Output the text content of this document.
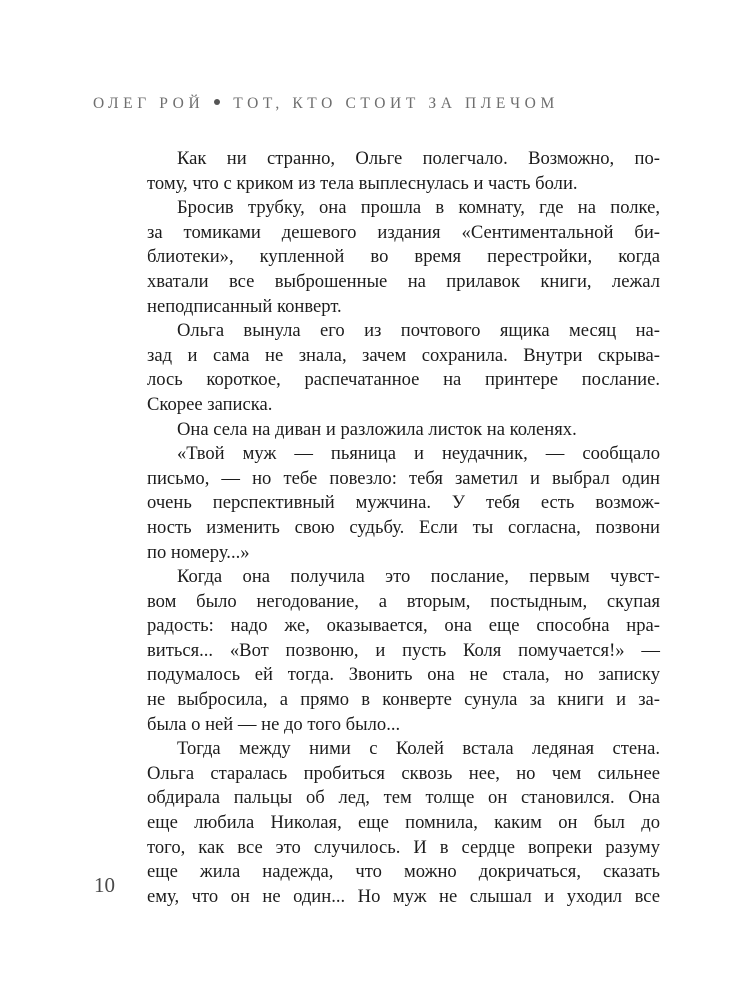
ОЛЕГ РОЙ ТОТ, КТО СТОИТ ЗА ПЛЕЧОМ
Как ни странно, Ольге полегчало. Возможно, по-
тому, что с криком из тела выплеснулась и часть боли.
Бросив трубку, она прошла в комнату, где на полке,
за томиками дешевого издания «Сентиментальной би-
блиотеки», купленной во время перестройки, когда
хватали все выброшенные на прилавок книги, лежал
неподписанный конверт.
Ольга вынула его из почтового ящика месяц на-
зад и сама не знала, зачем сохранила. Внутри скрыва-
лось короткое, распечатанное на принтере послание.
Скорее записка.
Она села на диван и разложила листок на коленях.
«Твой муж — пьяница и неудачник, — сообщало
письмо, — но тебе повезло: тебя заметил и выбрал один
очень перспективный мужчина. У тебя есть возмож-
ность изменить свою судьбу. Если ты согласна, позвони
по номеру...»
Когда она получила это послание, первым чувст-
вом было негодование, а вторым, постыдным, скупая
радость: надо же, оказывается, она еще способна нра-
виться... «Вот позвоню, и пусть Коля помучается!» —
подумалось ей тогда. Звонить она не стала, но записку
не выбросила, а прямо в конверте сунула за книги и за-
была о ней — не до того было...
Тогда между ними с Колей встала ледяная стена.
Ольга старалась пробиться сквозь нее, но чем сильнее
обдирала пальцы об лед, тем толще он становился. Она
еще любила Николая, еще помнила, каким он был до
того, как все это случилось. И в сердце вопреки разуму
еще жила надежда, что можно докричаться, сказать
ему, что он не один... Но муж не слышал и уходил все
10
